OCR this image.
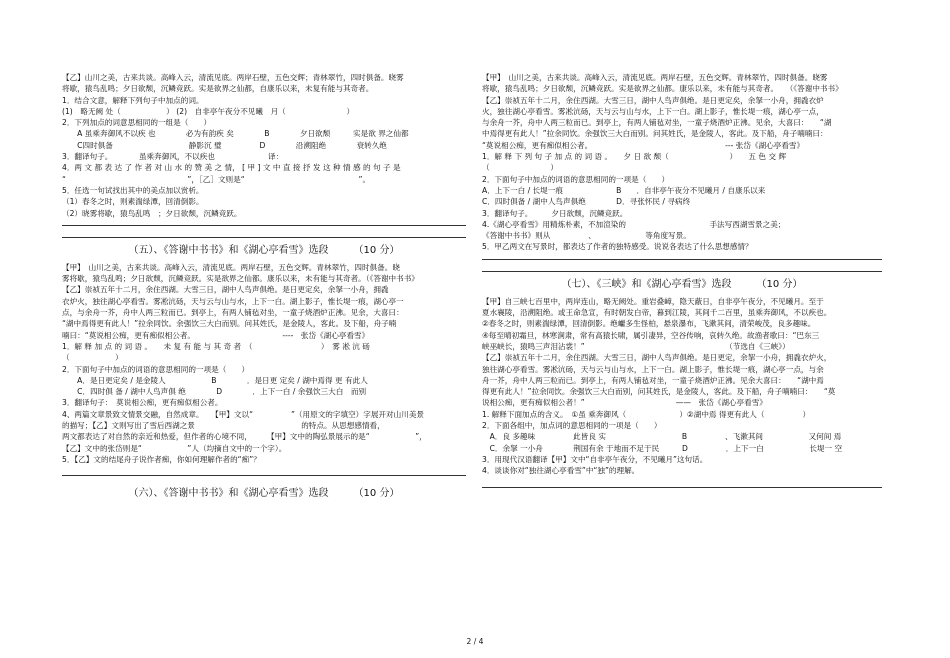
【乙】山川之美，古来共谈。高峰入云，清流见底。两岸石壁，五色交辉；青林翠竹，四时俱备。晓雾
将歇，猿鸟乱鸣；夕日欲颓，沉鳞竞跃。实是欲界之仙都，自康乐以来，未复有能与其奇者。
1．结合文意，解释下列句子中加点的词。
(1)　略无阙 处（　　　　　　） (2)　自非亭午夜分不见曦　月（　　　　　　　　）
2．下列加点的词意思相同的一组是（　　）
　　A 虽乘奔御风不以疾 也　　　　必为有韵疾 矣　　　　B　　　　夕日欲颓　　　实是欲 界之仙都
　　C四时俱备　　　　　　　　　　静影沉 璧　　　　　D　　　　沿溯阻绝　　　　衰转久绝
3．翻译句子。　　　　虽乘奔御风，不以疾也　　　　　　　译：
4．两 文 都 表 达 了 作 者 对 山 水 的 赞 美 之 情， [ 甲 ] 文 中 直 接 抒 发 这 种 情 感 的 句 子 是
“　　　　　　　　　　　　　　　　”，［乙］文则是“　　　　　　　　　　　　　　　”。
5．任选一句试找出其中的美点加以赏析。
（1）春冬之时，则素湍绿潭，回清倒影。
（2）晓雾将歇，猿鸟乱鸣　；夕日欲颓，沉鳞竞跃。
（五）、《答谢中书书》和《湖心亭看雪》选段　　　（10 分）
【甲】　山川之美，古来共谈。高峰入云，清流见底。两岸石壁，五色交辉。青林翠竹，四时俱备。晓
雾将歇，猿鸟乱鸣；夕日欲颓，沉鳞竞跃。实是欲界之仙都。康乐以来，未有能与其奇者。（《答谢中书书》
【乙】崇祯五年十二月，余住西湖。大雪三日，湖中人鸟声俱绝。是日更定矣，余拏一小舟，拥毳
衣炉火，独往湖心亭看雪。雾凇沆砀，天与云与山与水，上下一白。湖上影子，惟长堤一痕，湖心亭一
点，与余舟一芥，舟中人两三粒而已。到亭上，有两人铺毡对坐，一童子烧酒炉正沸。见余，大喜曰：
“湖中焉得更有此人！”拉余同饮。余强饮三大白而别。问其姓氏，是金陵人，客此。及下船，舟子喃
喃曰：“莫说相公痴，更有痴似相公者。　　　　　　　　　　　　----　张岱《湖心亭看雪》
1．解 释 加 点 的 词 语 。　　未 复 有 能 与 其 奇 者　（　　　　　　　　　）　雾 凇 沆 砀
（　　　　　　）
2．下面句子中加点的词语的意思相同的一项是（　　）
　　A．是日更定矣 / 是金陵人　　　　　　B　　　　．是日更 定矣 / 湖中焉得 更 有此人
　　C．四时俱 备 / 湖中人鸟声俱 绝　　　　D　　　　．上下一白 / 余强饮三大白　而别
3．翻译句子：　莫说相公痴，更有痴似相公者。
4、两篇文章景致文情景交融，自然成章。　　【甲】文以“　　　　　”（用原文的字填空）字展开对山川美景
的描写；【乙】文则写出了雪后西湖之景　　　　　　　　　　　　　　的特点。从思想感情看，
两文都表达了对自然的亲近和热爱，但作者的心境不同，　　　【甲】文中的陶弘景展示的是“　　　　　　”，
【乙】文中的张岱则是“　　　　　　”人（均摘自文中的一个字）。
5．【乙】文的结尾舟子说作者痴，你如何理解作者的“痴”？
（六）、《答谢中书书》和《湖心亭看雪》选段　　　（10 分）
【甲】　山川之美，古来共谈。高峰入云，清流见底。两岸石壁，五色交辉。青林翠竹，四时俱备。晓雾
将歇，猿鸟乱鸣；夕日欲颓，沉鳞竞跃。实是欲界之仙都。康乐以来，未有能与其奇者。　　（《答谢中书书》
【乙】崇祯五年十二月，余住西湖。大雪三日，湖中人鸟声俱绝。是日更定矣，余拏一小舟，拥毳衣炉
火，独往湖心亭看雪。雾凇沆砀，天与云与山与水，上下一白。湖上影子，惟长堤一痕，湖心亭一点，
与余舟一芥，舟中人两三粒而已。到亭上，有两人铺毡对坐，一童子烧酒炉正沸。见余，大喜曰：　　“湖
中焉得更有此人！”拉余同饮。余强饮三大白而别。问其姓氏，是金陵人，客此。及下船，舟子喃喃曰：
“莫说相公痴，更有痴似相公者。　　　　　　　　　　　　　　　　　　--- 张岱《湖心亭看雪》
1．解 释 下 列 句 子 加 点 的 词 语 。　　夕 日 欲 颓（　　　　　　　　）　　五 色 交 辉
（　　　　　　　　）
2．下面句子中加点的词语的意思相同的一项是（　　）
A．上下一白 / 长堤一痕　　　　　　　B　　．自非亭午夜分不见曦月 / 自康乐以来
C．四时俱备 / 湖中人鸟声俱绝　　　　D．寻张怀民 / 寻病终
3．翻译句子。　　　夕日欲颓，沉鳞竞跃。
4.《湖心亭看雪》用精炼朴素，不加渲染的　　　　　　　　　　　手法写西湖雪景之美；
《答谢中书书》则从　　　　　、　　　　　　　等角度写景。
5．甲乙两文在写景时，都表达了作者的独特感受。说说各表达了什么思想感情？
（七）、《三峡》和《湖心亭看雪》选段　　　（10 分）
【甲】自三峡七百里中，两岸连山，略无阙处。重岩叠嶂，隐天蔽日，自非亭午夜分，不见曦月。至于
夏水襄陵，沿溯阻绝。或王命急宣，有时朝发白帝，暮到江陵，其间千二百里，虽乘奔御风，不以疾也。
②春冬之时，则素湍绿潭，回清倒影。绝巘多生怪柏，悬泉瀑布，飞漱其间，清荣峻茂，良多趣味。
④每至晴初霜旦，林寒涧肃，常有高猿长啸，属引凄异，空谷传响，哀转久绝。故渔者歌曰：“巴东三
峡巫峡长，猿鸣三声泪沾裳！”　　　　　　　　　　　　　　　　　　　（节选自《三峡》）
【乙】崇祯五年十二月，余住西湖。大雪三日，湖中人鸟声俱绝。是日更定，余挐一小舟，拥毳衣炉火，
独往湖心亭看雪。雾凇沆砀，天与云与山与水，上下一白。湖上影子，惟长堤一痕，湖心亭一点，与余
舟一芥，舟中人两三粒而已。到亭上，有两人铺毡对坐，一童子烧酒炉正沸。见余大喜曰：　　“湖中焉
得更有此人！”拉余同饮。余强饮三大白而别，问其姓氏，是金陵人，客此。及下船，舟子喃喃曰：　　“莫
说相公痴，更有痴似相公者！”　　　　　　　　　　　　——　张岱《湖心亭看雪》
1. 解释下面加点的含义。　①虽 乘奔御风（　　　　　　　）②湖中焉 得更有此人（　　　　　）
2．下面各组中，加点词的意思相同的一项是（　　）
　A．良 多趣味　　　　　此皆良 实　　　　　　　　　　B　　　　　、飞漱其间　　　　　　又何间 焉
　C．余拏 一小舟　　　　荆国有余 于地而不足于民　　　D　　　　　．上下一白　　　　　　长堤一 空
3．用现代汉语翻译【甲】文中“自非亭午夜分，不见曦月”这句话。
4．谈谈你对“独往湖心亭看雪”中“独”的理解。
2 / 4
